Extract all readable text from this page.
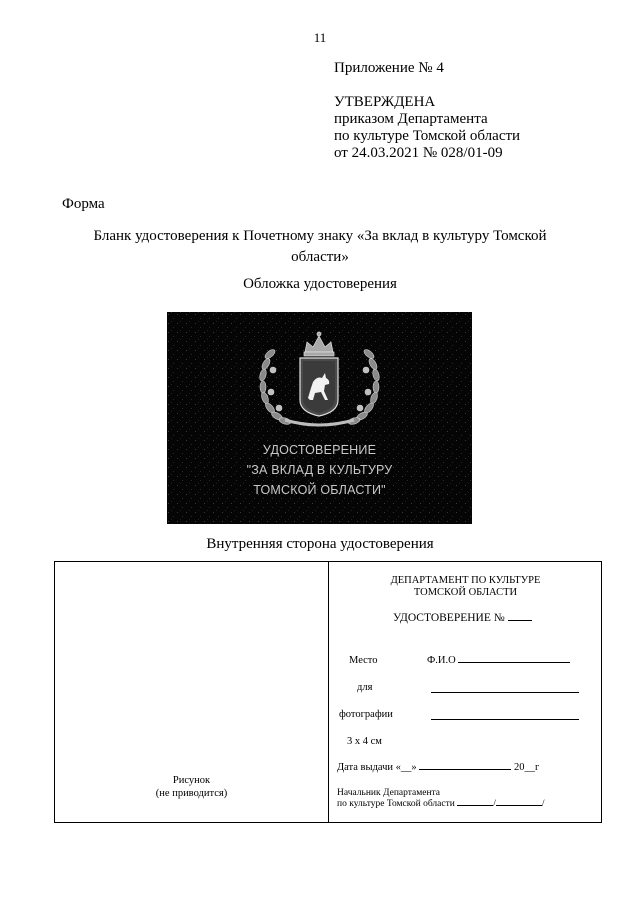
11
Приложение № 4
УТВЕРЖДЕНА
приказом Департамента
по культуре Томской области
от 24.03.2021 № 028/01-09
Форма
Бланк удостоверения к Почетному знаку «За вклад в культуру Томской области»
Обложка удостоверения
УДОСТОВЕРЕНИЕ
"ЗА ВКЛАД В КУЛЬТУРУ
ТОМСКОЙ ОБЛАСТИ"
Внутренняя сторона удостоверения
Рисунок
(не приводится)
ДЕПАРТАМЕНТ ПО КУЛЬТУРЕ
ТОМСКОЙ ОБЛАСТИ
УДОСТОВЕРЕНИЕ №
Место
для
фотографии
3 х 4 см
Ф.И.О
Дата выдачи «__»	20__г
Начальник Департамента
по культуре Томской области	/	/
